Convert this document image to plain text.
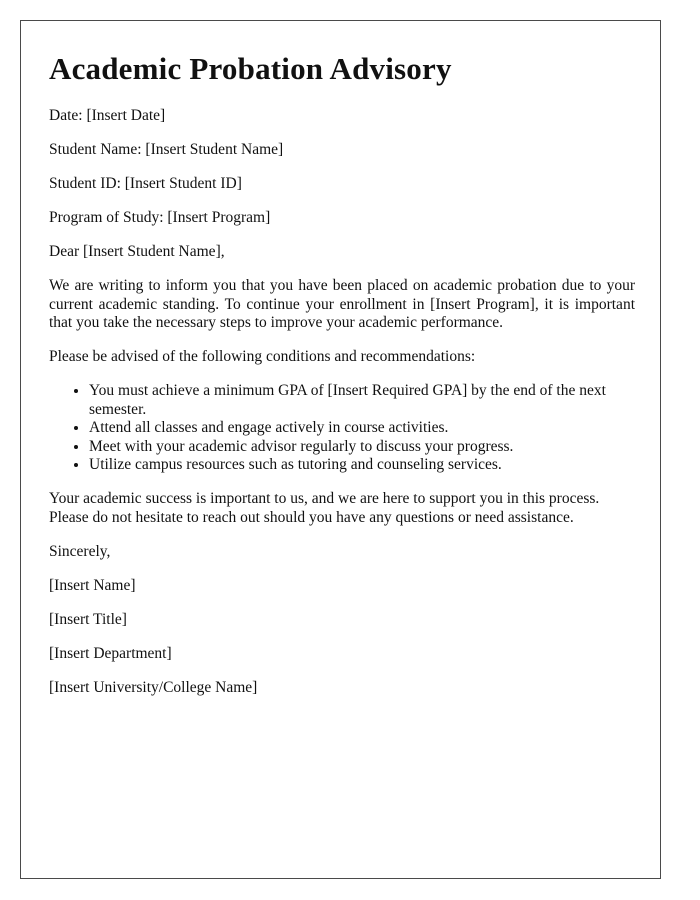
Academic Probation Advisory

Date: [Insert Date]

Student Name: [Insert Student Name]

Student ID: [Insert Student ID]

Program of Study: [Insert Program]

Dear [Insert Student Name],

We are writing to inform you that you have been placed on academic probation due to your current academic standing. To continue your enrollment in [Insert Program], it is important that you take the necessary steps to improve your academic performance.

Please be advised of the following conditions and recommendations:

• You must achieve a minimum GPA of [Insert Required GPA] by the end of the next semester.
• Attend all classes and engage actively in course activities.
• Meet with your academic advisor regularly to discuss your progress.
• Utilize campus resources such as tutoring and counseling services.

Your academic success is important to us, and we are here to support you in this process. Please do not hesitate to reach out should you have any questions or need assistance.

Sincerely,

[Insert Name]

[Insert Title]

[Insert Department]

[Insert University/College Name]
